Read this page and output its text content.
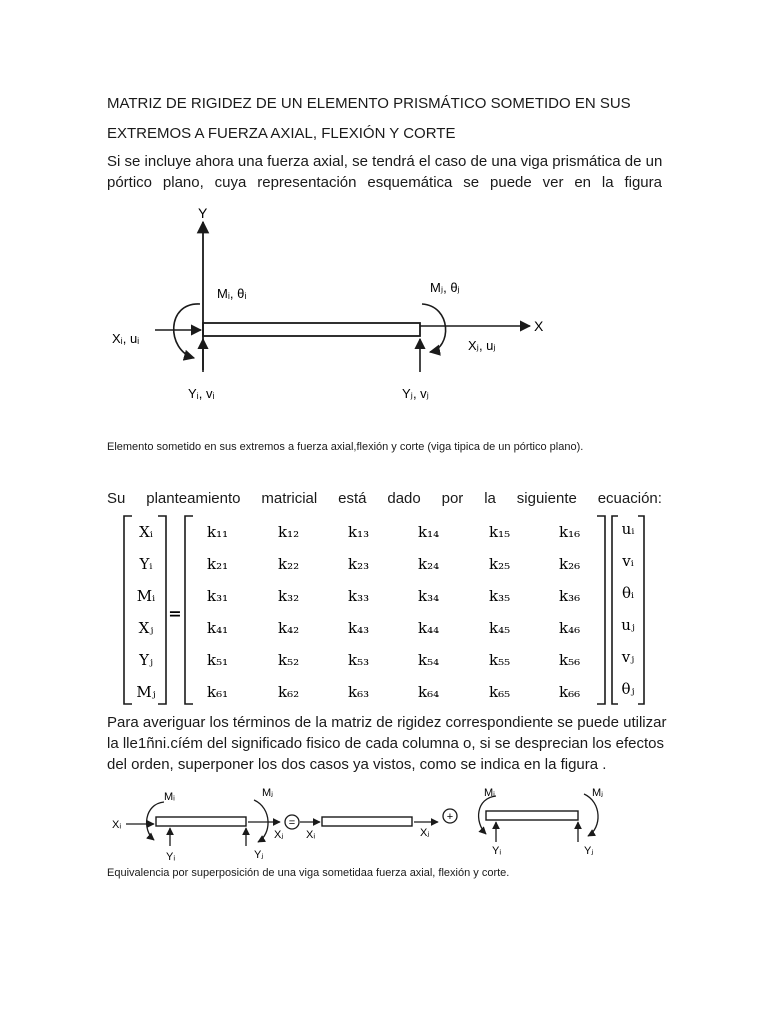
MATRIZ DE RIGIDEZ DE UN ELEMENTO PRISMÁTICO SOMETIDO EN SUS

EXTREMOS A FUERZA AXIAL, FLEXIÓN Y CORTE

Si se incluye ahora una fuerza axial, se tendrá el caso de una viga prismática de un

pórtico plano, cuya representación esquemática se puede ver en la figura

Y
X
Mᵢ, θᵢ	Mⱼ, θⱼ
Xᵢ, uᵢ	Xⱼ, uⱼ
Yᵢ, vᵢ	Yⱼ, vⱼ

Elemento sometido en sus extremos a fuerza axial,flexión y corte (viga tipica de un pórtico plano).

Su planteamiento matricial está dado por la siguiente ecuación:
Xᵢ
Yᵢ
Mᵢ
Xⱼ
Yⱼ
Mⱼ
=
k₁₁	k₁₂	k₁₃	k₁₄	k₁₅	k₁₆
k₂₁	k₂₂	k₂₃	k₂₄	k₂₅	k₂₆
k₃₁	k₃₂	k₃₃	k₃₄	k₃₅	k₃₆
k₄₁	k₄₂	k₄₃	k₄₄	k₄₅	k₄₆
k₅₁	k₅₂	k₅₃	k₅₄	k₅₅	k₅₆
k₆₁	k₆₂	k₆₃	k₆₄	k₆₅	k₆₆
uᵢ
vᵢ
θᵢ
uⱼ
vⱼ
θⱼ

Para averiguar los términos de la matriz de rigidez correspondiente se puede utilizar

la lle1ñni.cíém del significado fisico de cada columna o, si se desprecian los efectos

del orden, superponer los dos casos ya vistos, como se indica en la figura .

Xᵢ
Mᵢ	Mⱼ
Yᵢ	Yⱼ
Xⱼ
=
Xᵢ	Xⱼ
+
Mᵢ	Mⱼ
Yᵢ	Yⱼ

Equivalencia por superposición de una viga sometidaa fuerza axial, flexión y corte.
